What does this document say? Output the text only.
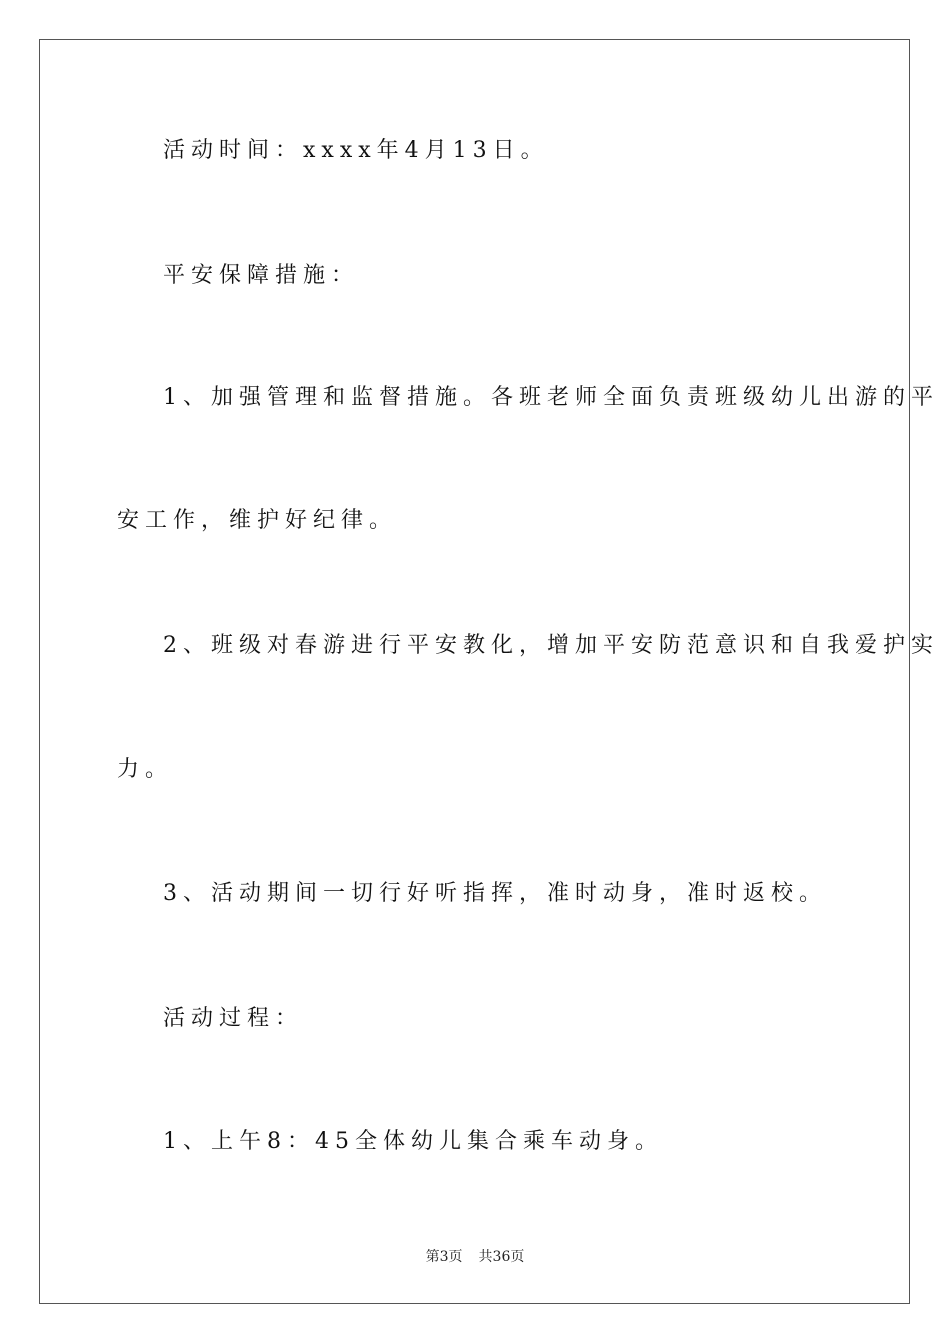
活动时间：xxxx年4月13日。
平安保障措施：
1、加强管理和监督措施。各班老师全面负责班级幼儿出游的平
安工作，维护好纪律。
2、班级对春游进行平安教化，增加平安防范意识和自我爱护实
力。
3、活动期间一切行好听指挥，准时动身，准时返校。
活动过程：
1、上午8：45全体幼儿集合乘车动身。
第3页 共36页
